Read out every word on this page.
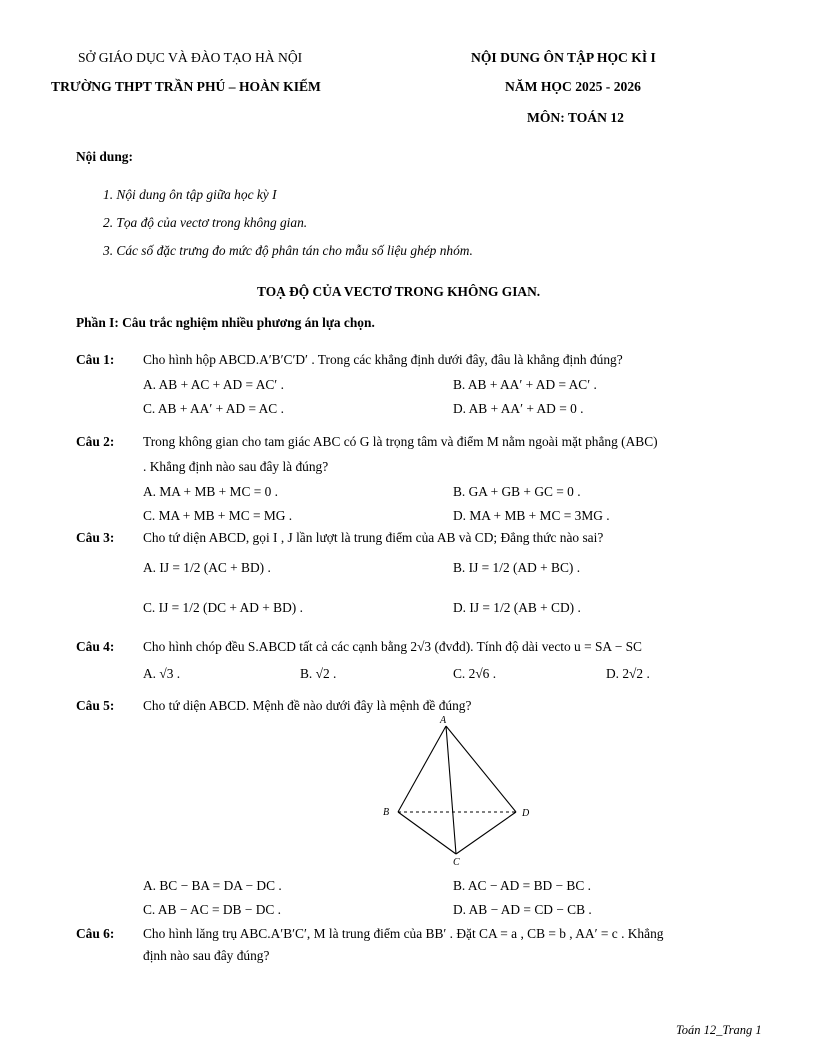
SỞ GIÁO DỤC VÀ ĐÀO TẠO HÀ NỘI
TRƯỜNG THPT TRẦN PHÚ – HOÀN KIẾM
NỘI DUNG ÔN TẬP HỌC KÌ I
NĂM HỌC 2025 - 2026
MÔN: TOÁN 12
Nội dung:
1. Nội dung ôn tập giữa học kỳ I
2. Tọa độ của vectơ trong không gian.
3. Các số đặc trưng đo mức độ phân tán cho mẫu số liệu ghép nhóm.
TOẠ ĐỘ CỦA VECTƠ TRONG KHÔNG GIAN.
Phần I: Câu trắc nghiệm nhiều phương án lựa chọn.
Câu 1: Cho hình hộp ABCD.A′B′C′D′ . Trong các khẳng định dưới đây, đâu là khẳng định đúng?
A. AB + AC + AD = AC′ .	B. AB + AA′ + AD = AC′ .
C. AB + AA′ + AD = AC .	D. AB + AA′ + AD = 0 .
Câu 2: Trong không gian cho tam giác ABC có G là trọng tâm và điểm M nằm ngoài mặt phẳng (ABC)
. Khẳng định nào sau đây là đúng?
A. MA + MB + MC = 0 .	B. GA + GB + GC = 0 .
C. MA + MB + MC = MG .	D. MA + MB + MC = 3MG .
Câu 3: Cho tứ diện ABCD, gọi I , J lần lượt là trung điểm của AB và CD; Đẳng thức nào sai?
A. IJ = 1/2 (AC + BD) .	B. IJ = 1/2 (AD + BC) .
C. IJ = 1/2 (DC + AD + BD) .	D. IJ = 1/2 (AB + CD) .
Câu 4: Cho hình chóp đều S.ABCD tất cả các cạnh bằng 2√3 (đvđd). Tính độ dài vecto u = SA − SC
A. √3 .	B. √2 .	C. 2√6 .	D. 2√2 .
Câu 5: Cho tứ diện ABCD. Mệnh đề nào dưới đây là mệnh đề đúng?
A
B
C
D
A. BC − BA = DA − DC .	B. AC − AD = BD − BC .
C. AB − AC = DB − DC .	D. AB − AD = CD − CB .
Câu 6: Cho hình lăng trụ ABC.A′B′C′, M là trung điểm của BB′ . Đặt CA = a , CB = b , AA′ = c . Khẳng
định nào sau đây đúng?
Toán 12_Trang 1
